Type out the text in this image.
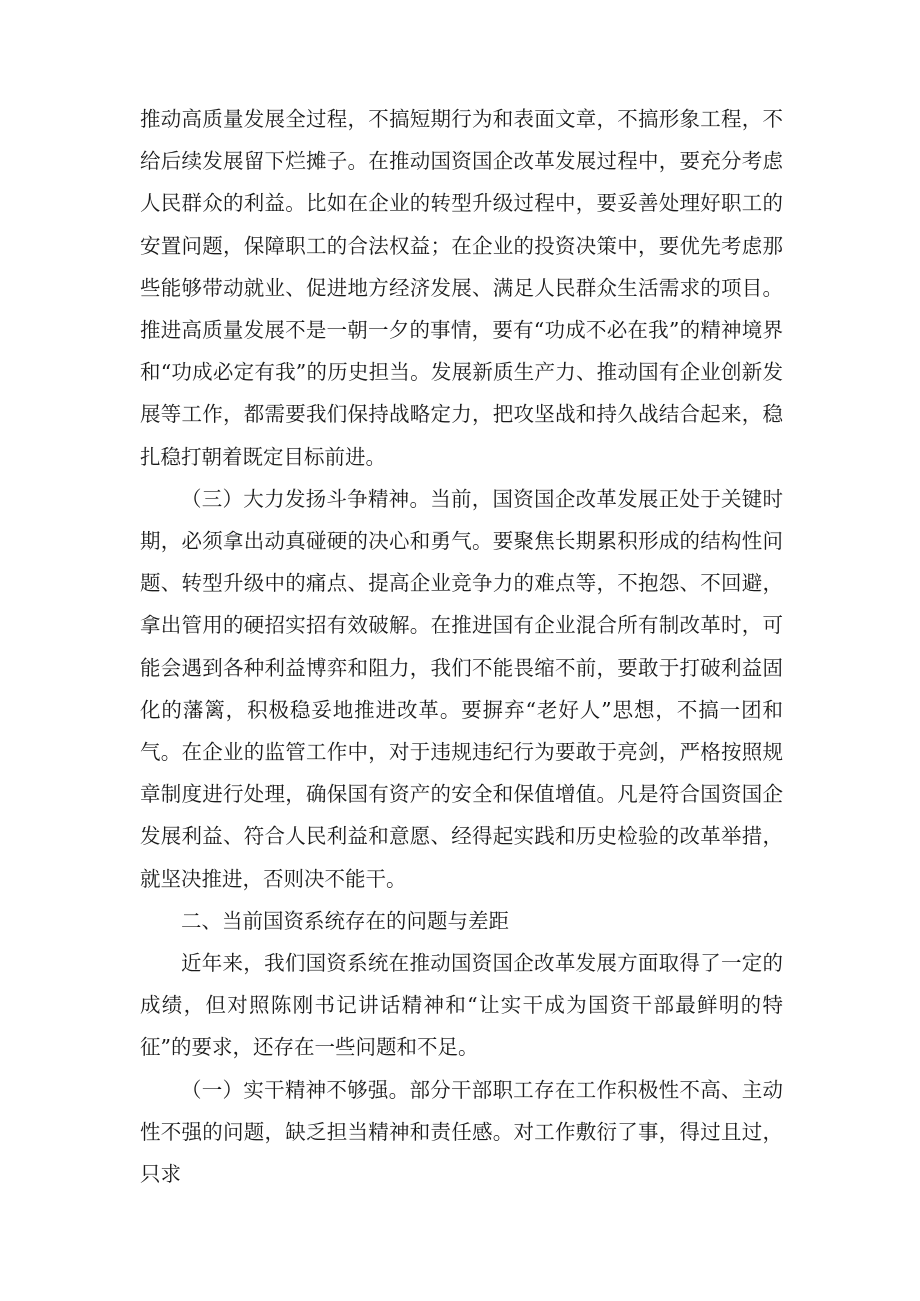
推动高质量发展全过程，不搞短期行为和表面文章，不搞形象工程，不给后续发展留下烂摊子。在推动国资国企改革发展过程中，要充分考虑人民群众的利益。比如在企业的转型升级过程中，要妥善处理好职工的安置问题，保障职工的合法权益；在企业的投资决策中，要优先考虑那些能够带动就业、促进地方经济发展、满足人民群众生活需求的项目。推进高质量发展不是一朝一夕的事情，要有“功成不必在我”的精神境界和“功成必定有我”的历史担当。发展新质生产力、推动国有企业创新发展等工作，都需要我们保持战略定力，把攻坚战和持久战结合起来，稳扎稳打朝着既定目标前进。

（三）大力发扬斗争精神。当前，国资国企改革发展正处于关键时期，必须拿出动真碰硬的决心和勇气。要聚焦长期累积形成的结构性问题、转型升级中的痛点、提高企业竞争力的难点等，不抱怨、不回避，拿出管用的硬招实招有效破解。在推进国有企业混合所有制改革时，可能会遇到各种利益博弈和阻力，我们不能畏缩不前，要敢于打破利益固化的藩篱，积极稳妥地推进改革。要摒弃“老好人”思想，不搞一团和气。在企业的监管工作中，对于违规违纪行为要敢于亮剑，严格按照规章制度进行处理，确保国有资产的安全和保值增值。凡是符合国资国企发展利益、符合人民利益和意愿、经得起实践和历史检验的改革举措，就坚决推进，否则决不能干。

二、当前国资系统存在的问题与差距

近年来，我们国资系统在推动国资国企改革发展方面取得了一定的成绩，但对照陈刚书记讲话精神和“让实干成为国资干部最鲜明的特征”的要求，还存在一些问题和不足。

（一）实干精神不够强。部分干部职工存在工作积极性不高、主动性不强的问题，缺乏担当精神和责任感。对工作敷衍了事，得过且过，只求
